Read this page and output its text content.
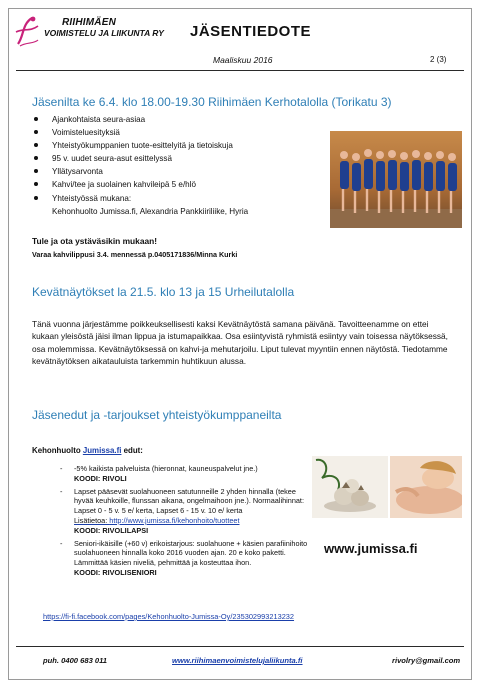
RIIHIMÄEN
VOIMISTELU JA LIIKUNTA RY JÄSENTIEDOTE
Maaliskuu 2016	2 (3)
Jäsenilta ke 6.4. klo 18.00-19.30 Riihimäen Kerhotalolla (Torikatu 3)
Ajankohtaista seura-asiaa
Voimisteluesityksiä
Yhteistyökumppanien tuote-esittelyitä ja tietoiskuja
95 v. uudet seura-asut esittelyssä
Yllätysarvonta
Kahvi/tee ja suolainen kahvileipä 5 e/hlö
Yhteistyössä mukana:
Kehonhuolto Jumissa.fi, Alexandria Pankkiiriliike, Hyria
Tule ja ota ystäväsikin mukaan!
Varaa kahvilippusi 3.4. mennessä p.0405171836/Minna Kurki
Kevätnäytökset la 21.5. klo 13 ja 15 Urheilutalolla

Tänä vuonna järjestämme poikkeuksellisesti kaksi Kevätnäytöstä samana päivänä. Tavoitteenamme on ettei kukaan yleisöstä jäisi ilman lippua ja istumapaikkaa. Osa esiintyvistä ryhmistä esiintyy vain toisessa näytöksessä, osa molemmissa. Kevätnäytöksessä on kahvi-ja mehutarjoilu. Liput tulevat myyntiin ennen näytöstä. Tiedotamme kevätnäytöksen aikatauluista tarkemmin huhtikuun alussa.

Jäsenedut ja -tarjoukset yhteistyökumppaneilta
Kehonhuolto Jumissa.fi edut:
- -5% kaikista palveluista (hieronnat, kauneuspalvelut jne.)
KOODI: RIVOLI
- Lapset pääsevät suolahuoneen satutunneille 2 yhden hinnalla (tekee hyvää keuhkoille, flunssan aikana, ongelmaihoon jne.). Normaalihinnat: Lapset 0 - 5 v. 5 e/ kerta, Lapset 6 - 15 v. 10 e/ kerta
Lisätietoa: http://www.jumissa.fi/kehonhoito/tuotteet
KOODI: RIVOLILAPSI
- Seniori-ikäisille (+60 v) erikoistarjous: suolahuone + käsien parafiinihoito suolahuoneen hinnalla koko 2016 vuoden ajan. 20 e koko paketti. Lämmittää käsien niveliä, pehmittää ja kosteuttaa ihon.
KOODI: RIVOLISENIORI
www.jumissa.fi
https://fi-fi.facebook.com/pages/Kehonhuolto-Jumissa-Oy/235302993213232
puh. 0400 683 011	www.riihimaenvoimistelujaliikunta.fi	rivolry@gmail.com
